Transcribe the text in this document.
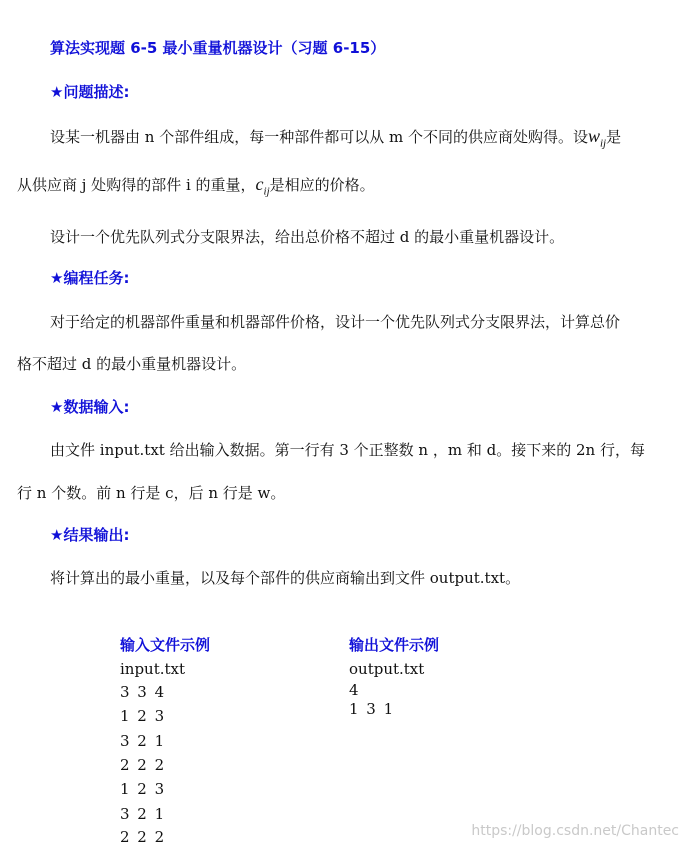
算法实现题 6-5 最小重量机器设计（习题 6-15）
★问题描述:
设某一机器由 n 个部件组成，每一种部件都可以从 m 个不同的供应商处购得。设$w_{ij}$是
从供应商 j 处购得的部件 i 的重量，$c_{ij}$是相应的价格。
设计一个优先队列式分支限界法，给出总价格不超过 d 的最小重量机器设计。
★编程任务:
对于给定的机器部件重量和机器部件价格，设计一个优先队列式分支限界法，计算总价
格不超过 d 的最小重量机器设计。
★数据输入:
由文件 input.txt 给出输入数据。第一行有 3 个正整数 n ，m 和 d。接下来的 2n 行，每
行 n 个数。前 n 行是 c，后 n 行是 w。
★结果输出:
将计算出的最小重量，以及每个部件的供应商输出到文件 output.txt。
输入文件示例
input.txt
3 3 4
1 2 3
3 2 1
2 2 2
1 2 3
3 2 1
2 2 2
输出文件示例
output.txt
4
1 3 1
https://blog.csdn.net/Chantec
